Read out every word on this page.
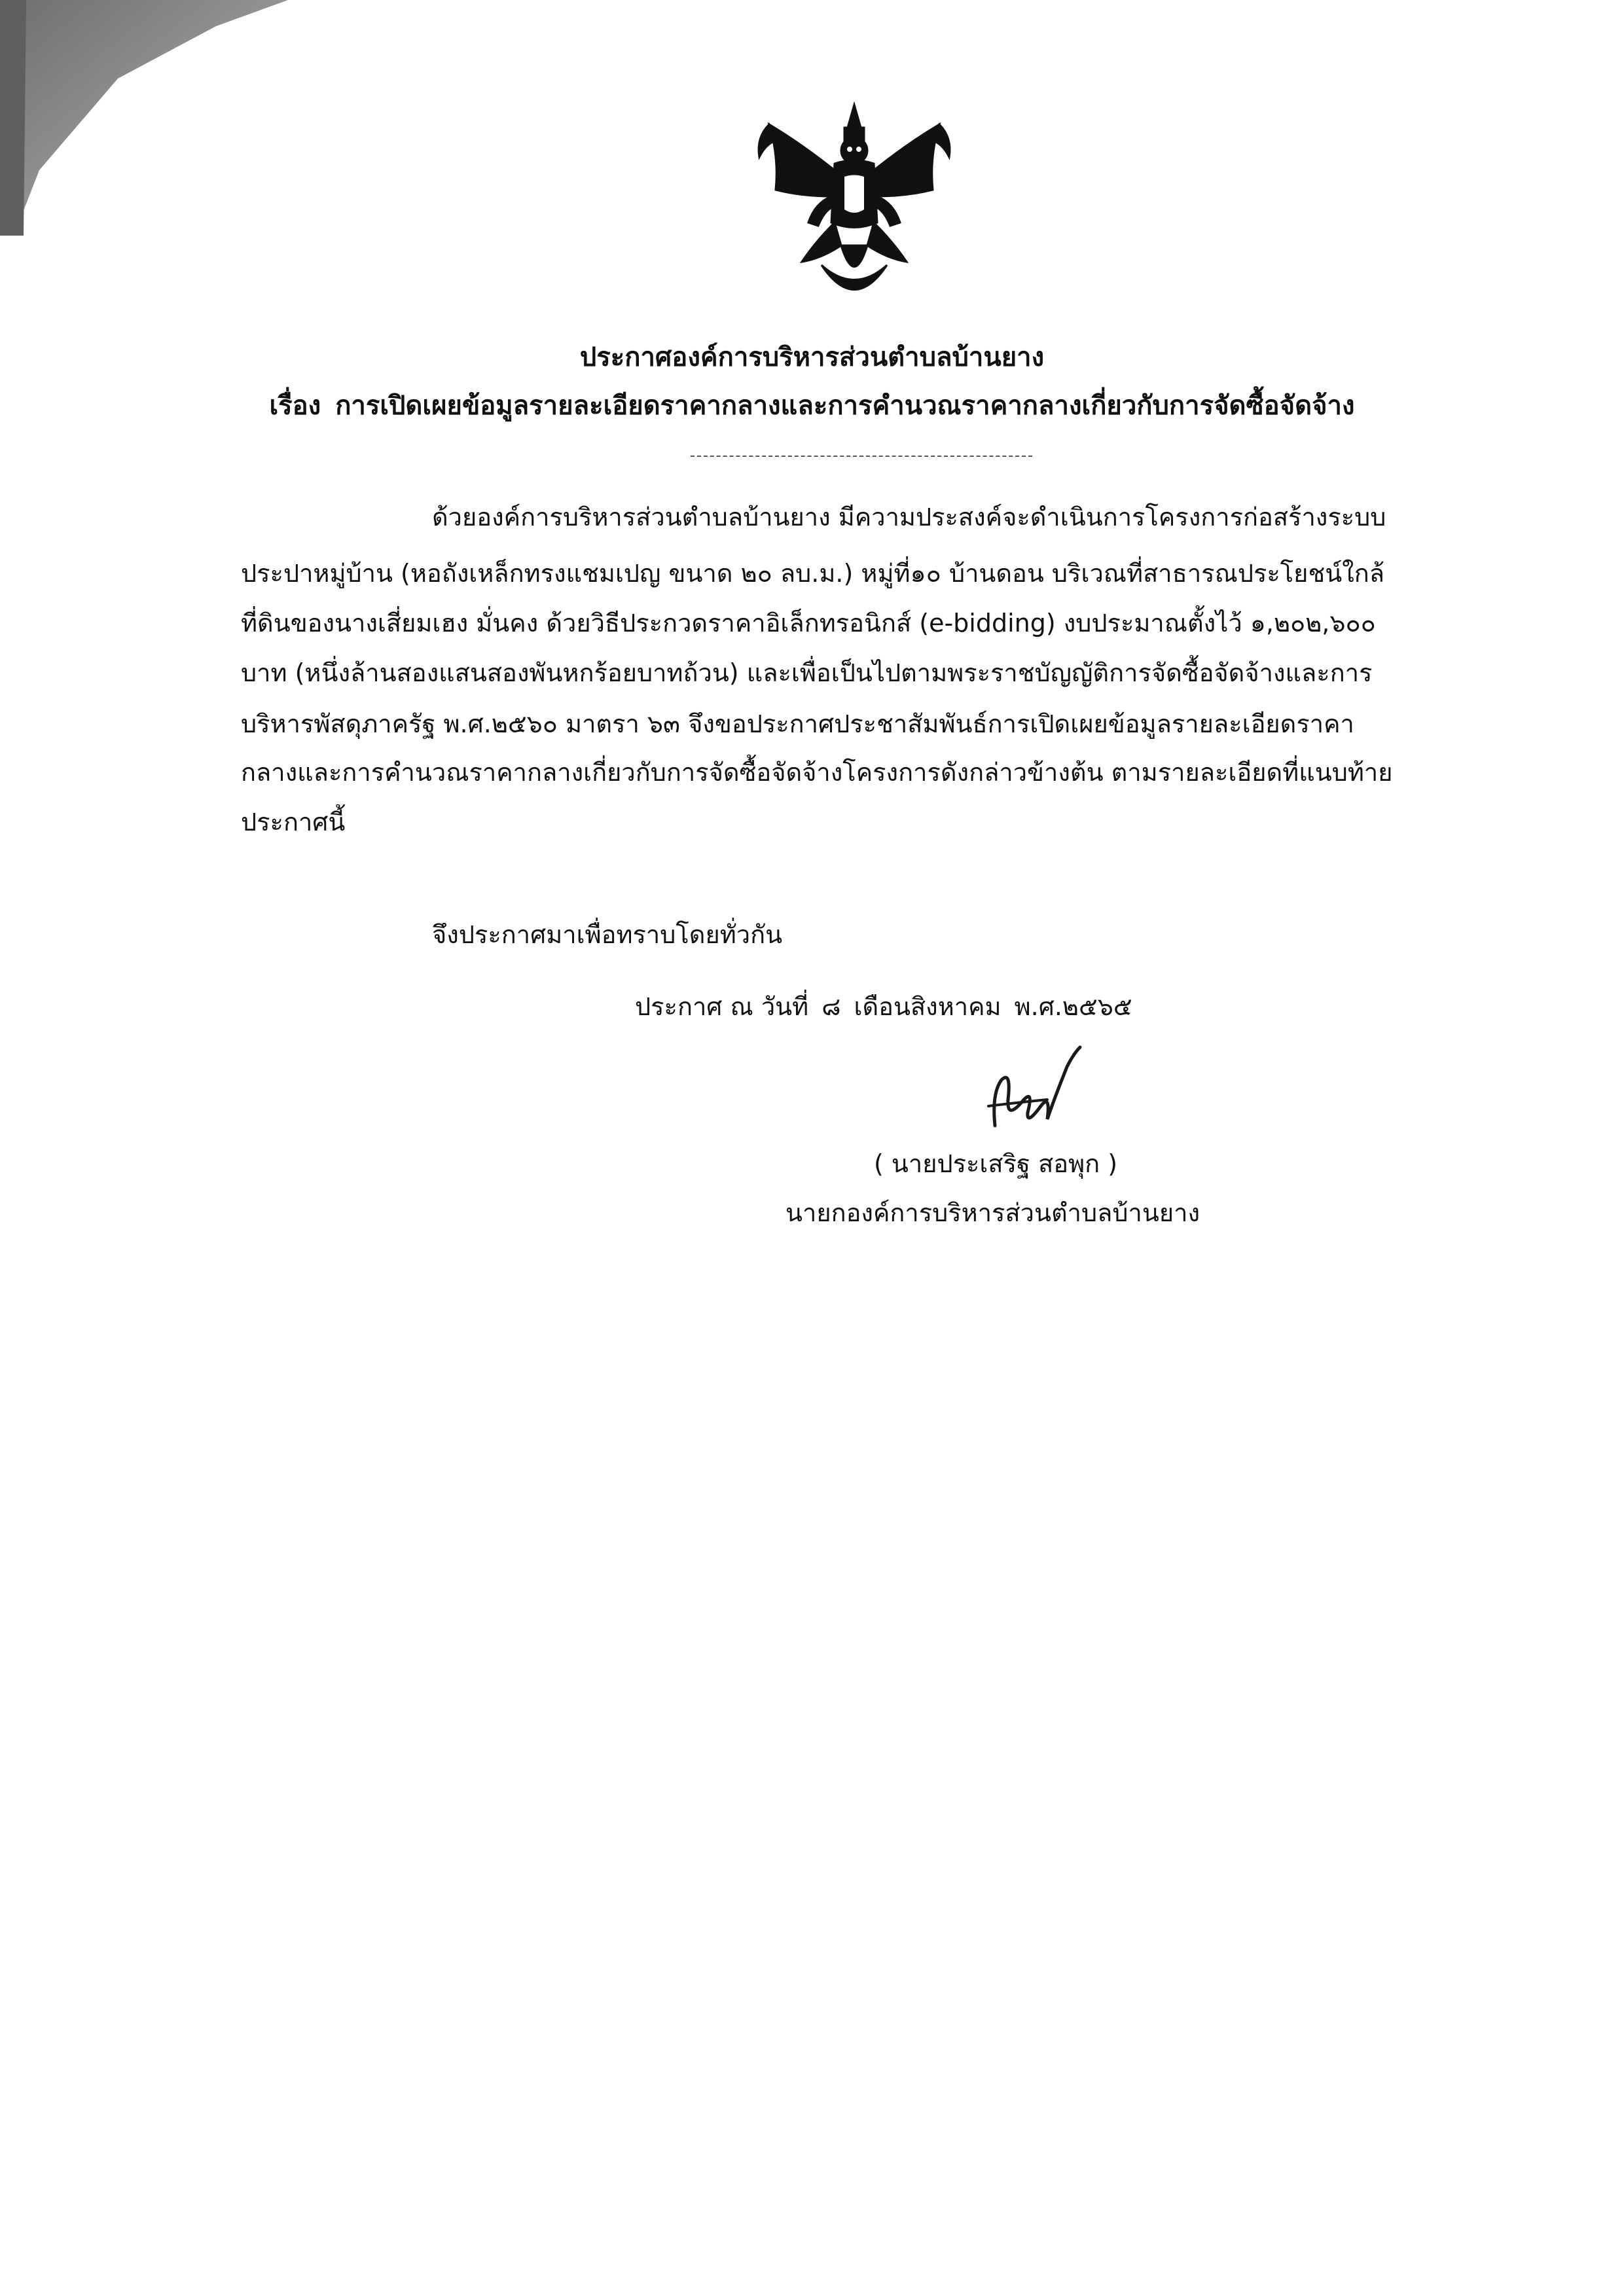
ประกาศองค์การบริหารส่วนตำบลบ้านยาง
เรื่อง การเปิดเผยข้อมูลรายละเอียดราคากลางและการคำนวณราคากลางเกี่ยวกับการจัดซื้อจัดจ้าง
ด้วยองค์การบริหารส่วนตำบลบ้านยาง มีความประสงค์จะดำเนินการโครงการก่อสร้างระบบ
ประปาหมู่บ้าน (หอถังเหล็กทรงแชมเปญ ขนาด ๒๐ ลบ.ม.) หมู่ที่๑๐ บ้านดอน บริเวณที่สาธารณประโยชน์ใกล้
ที่ดินของนางเสี่ยมเฮง มั่นคง ด้วยวิธีประกวดราคาอิเล็กทรอนิกส์ (e-bidding) งบประมาณตั้งไว้ ๑,๒๐๒,๖๐๐
บาท (หนึ่งล้านสองแสนสองพันหกร้อยบาทถ้วน) และเพื่อเป็นไปตามพระราชบัญญัติการจัดซื้อจัดจ้างและการ
บริหารพัสดุภาครัฐ พ.ศ.๒๕๖๐ มาตรา ๖๓ จึงขอประกาศประชาสัมพันธ์การเปิดเผยข้อมูลรายละเอียดราคา
กลางและการคำนวณราคากลางเกี่ยวกับการจัดซื้อจัดจ้างโครงการดังกล่าวข้างต้น ตามรายละเอียดที่แนบท้าย
ประกาศนี้
จึงประกาศมาเพื่อทราบโดยทั่วกัน
ประกาศ ณ วันที่ ๘ เดือนสิงหาคม พ.ศ.๒๕๖๕
( นายประเสริฐ สอพุก )
นายกองค์การบริหารส่วนตำบลบ้านยาง
